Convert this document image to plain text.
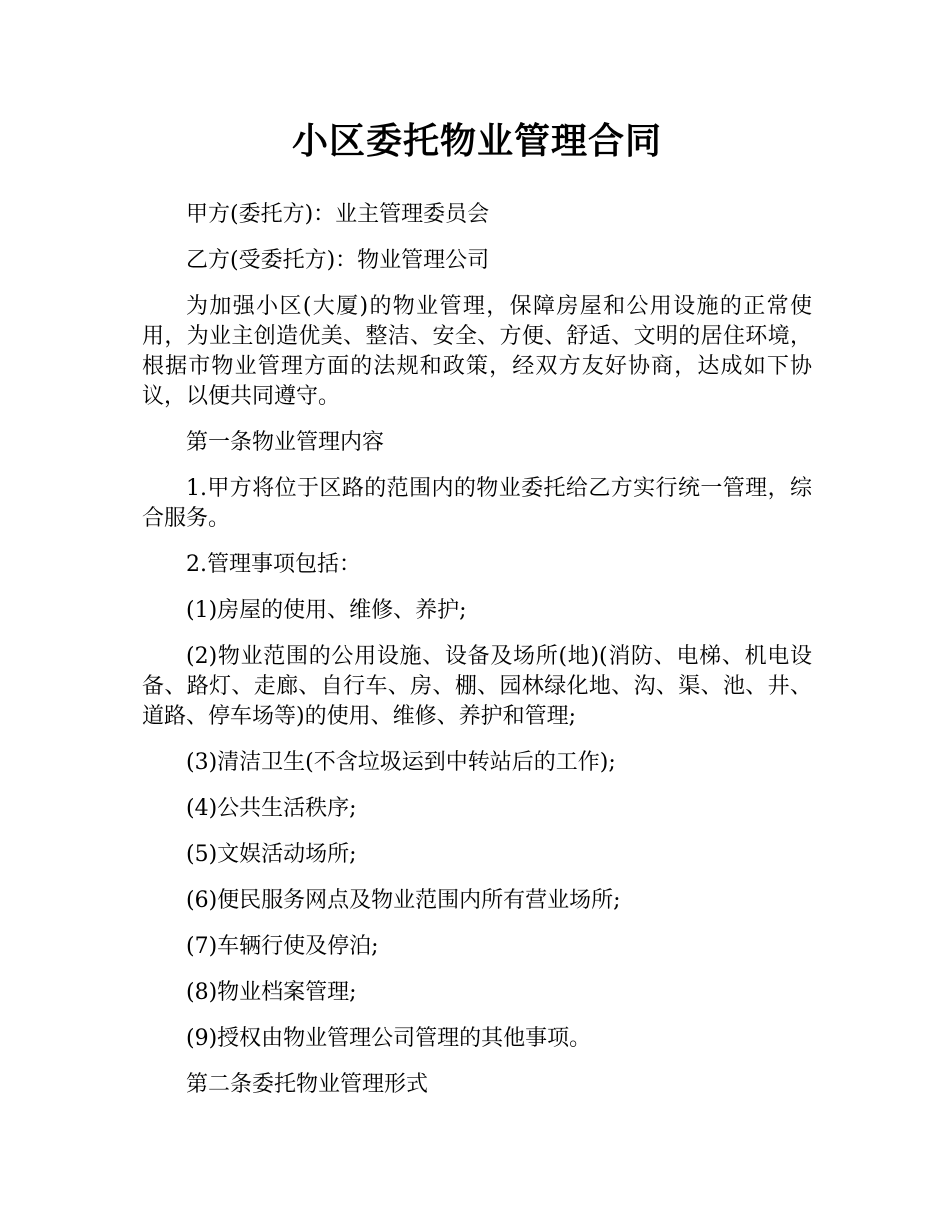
小区委托物业管理合同

甲方(委托方)：业主管理委员会

乙方(受委托方)：物业管理公司

为加强小区(大厦)的物业管理，保障房屋和公用设施的正常使用，为业主创造优美、整洁、安全、方便、舒适、文明的居住环境，根据市物业管理方面的法规和政策，经双方友好协商，达成如下协议，以便共同遵守。

第一条物业管理内容

1.甲方将位于区路的范围内的物业委托给乙方实行统一管理，综合服务。

2.管理事项包括：

(1)房屋的使用、维修、养护;

(2)物业范围的公用设施、设备及场所(地)(消防、电梯、机电设备、路灯、走廊、自行车、房、棚、园林绿化地、沟、渠、池、井、道路、停车场等)的使用、维修、养护和管理;

(3)清洁卫生(不含垃圾运到中转站后的工作);

(4)公共生活秩序;

(5)文娱活动场所;

(6)便民服务网点及物业范围内所有营业场所;

(7)车辆行使及停泊;

(8)物业档案管理;

(9)授权由物业管理公司管理的其他事项。

第二条委托物业管理形式
